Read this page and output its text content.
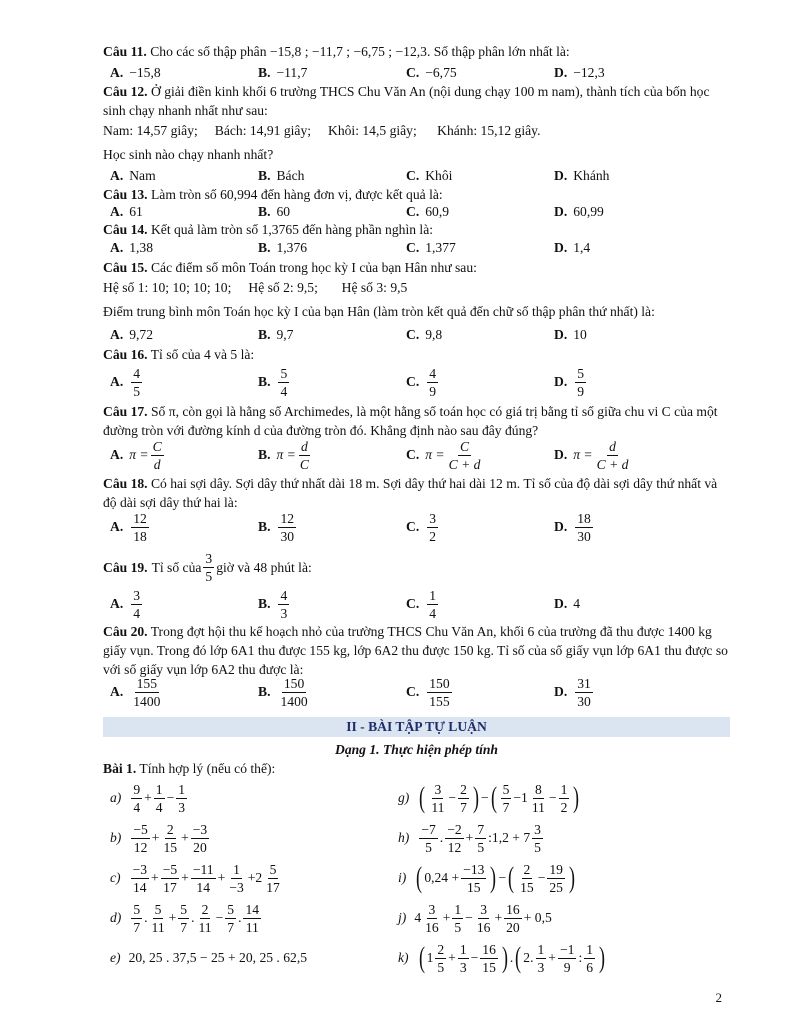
Câu 11. Cho các số thập phân −15,8 ; −11,7 ; −6,75 ; −12,3. Số thập phân lớn nhất là:
A. −15,8	B. −11,7	C. −6,75	D. −12,3
Câu 12. Ở giải điền kinh khối 6 trường THCS Chu Văn An (nội dung chạy 100 m nam), thành tích của bốn học sinh chạy nhanh nhất như sau:
Nam: 14,57 giây;     Bách: 14,91 giây;     Khôi: 14,5 giây;      Khánh: 15,12 giây.
Học sinh nào chạy nhanh nhất?
A. Nam	B. Bách	C. Khôi	D. Khánh
Câu 13. Làm tròn số 60,994 đến hàng đơn vị, được kết quả là:
A. 61	B. 60	C. 60,9	D. 60,99
Câu 14. Kết quả làm tròn số 1,3765 đến hàng phần nghìn là:
A. 1,38	B. 1,376	C. 1,377	D. 1,4
Câu 15. Các điểm số môn Toán trong học kỳ I của bạn Hân như sau:
Hệ số 1: 10; 10; 10; 10;     Hệ số 2: 9,5;       Hệ số 3: 9,5
Điểm trung bình môn Toán học kỳ I của bạn Hân (làm tròn kết quả đến chữ số thập phân thứ nhất) là:
A. 9,72	B. 9,7	C. 9,8	D. 10
Câu 16. Tỉ số của 4 và 5 là:
A. $\frac{4}{5}$	B. $\frac{5}{4}$	C. $\frac{4}{9}$	D. $\frac{5}{9}$
Câu 17. Số π, còn gọi là hằng số Archimedes, là một hằng số toán học có giá trị bằng tỉ số giữa chu vi C của một đường tròn với đường kính d của đường tròn đó. Khẳng định nào sau đây đúng?
A. $\pi = \frac{C}{d}$	B. $\pi = \frac{d}{C}$	C. $\pi = \frac{C}{C + d}$	D. $\pi = \frac{d}{C + d}$
Câu 18. Có hai sợi dây. Sợi dây thứ nhất dài 18 m. Sợi dây thứ hai dài 12 m. Tỉ số của độ dài sợi dây thứ nhất và độ dài sợi dây thứ hai là:
A. $\frac{12}{18}$	B. $\frac{12}{30}$	C. $\frac{3}{2}$	D. $\frac{18}{30}$
Câu 19. Tỉ số của $\frac{3}{5}$ giờ và 48 phút là:
A. $\frac{3}{4}$	B. $\frac{4}{3}$	C. $\frac{1}{4}$	D. 4
Câu 20. Trong đợt hội thu kế hoạch nhỏ của trường THCS Chu Văn An, khối 6 của trường đã thu được 1400 kg giấy vụn. Trong đó lớp 6A1 thu được 155 kg, lớp 6A2 thu được 150 kg. Tỉ số của số giấy vụn lớp 6A1 thu được so với số giấy vụn lớp 6A2 thu được là:
A. $\frac{155}{1400}$	B. $\frac{150}{1400}$	C. $\frac{150}{155}$	D. $\frac{31}{30}$
II - BÀI TẬP TỰ LUẬN
Dạng 1. Thực hiện phép tính
Bài 1. Tính hợp lý (nếu có thể):
$a) \frac{9}{4} + \frac{1}{4} - \frac{1}{3}$
$b) \frac{-5}{12} + \frac{2}{15} + \frac{-3}{20}$
$c) \frac{-3}{14} + \frac{-5}{17} + \frac{-11}{14} + \frac{1}{-3} +2 \frac{5}{17}$
$d) \frac{5}{7}$ . $\frac{5}{11} + \frac{5}{7}$ . $\frac{2}{11} - \frac{5}{7}$ . $\frac{14}{11}$
e) 20, 25 . 37,5 − 25 + 20, 25 . 62,5
g) ( $\frac{3}{11} - \frac{2}{7}$ ) − ( $\frac{5}{7} -1 \frac{8}{11} - \frac{1}{2}$ )
$h) \frac{-7}{5}$ . $\frac{-2}{12} + \frac{7}{5}$ :1,2 + $7 \frac{3}{5}$
i) ( $0,24 + \frac{-13}{15}$ ) − ( $\frac{2}{15} - \frac{19}{25}$ )
j) $4 \frac{3}{16} + \frac{1}{5} - \frac{3}{16} + \frac{16}{20} + 0,5$
k) ( $1 \frac{2}{5} + \frac{1}{3} - \frac{16}{15}$ ) . ( 2. $\frac{1}{3} + \frac{-1}{9}$ : $\frac{1}{6}$ )
2
